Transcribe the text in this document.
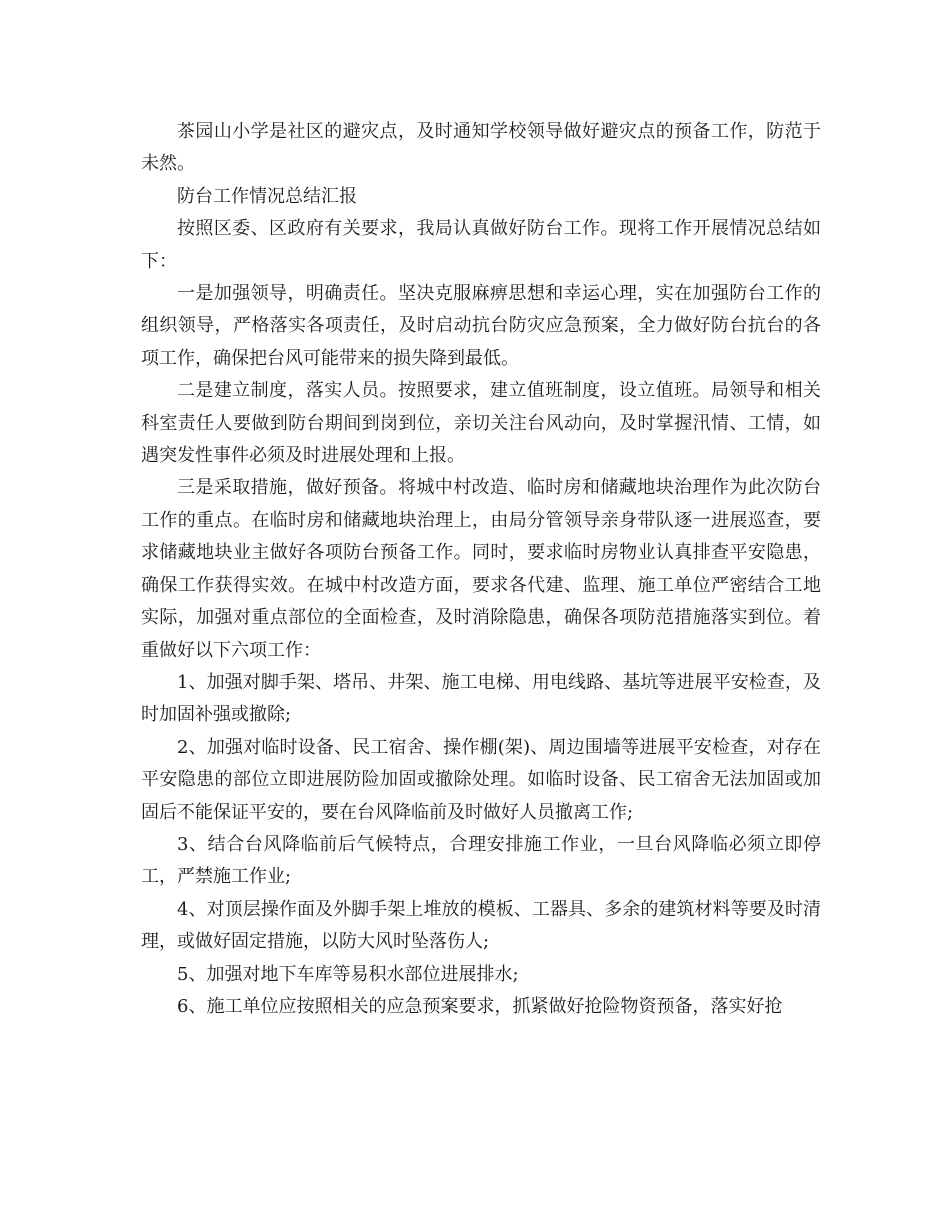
茶园山小学是社区的避灾点，及时通知学校领导做好避灾点的预备工作，防范于未然。

防台工作情况总结汇报

按照区委、区政府有关要求，我局认真做好防台工作。现将工作开展情况总结如下：

一是加强领导，明确责任。坚决克服麻痹思想和幸运心理，实在加强防台工作的组织领导，严格落实各项责任，及时启动抗台防灾应急预案，全力做好防台抗台的各项工作，确保把台风可能带来的损失降到最低。

二是建立制度，落实人员。按照要求，建立值班制度，设立值班。局领导和相关科室责任人要做到防台期间到岗到位，亲切关注台风动向，及时掌握汛情、工情，如遇突发性事件必须及时进展处理和上报。

三是采取措施，做好预备。将城中村改造、临时房和储藏地块治理作为此次防台工作的重点。在临时房和储藏地块治理上，由局分管领导亲身带队逐一进展巡查，要求储藏地块业主做好各项防台预备工作。同时，要求临时房物业认真排查平安隐患，确保工作获得实效。在城中村改造方面，要求各代建、监理、施工单位严密结合工地实际，加强对重点部位的全面检查，及时消除隐患，确保各项防范措施落实到位。着重做好以下六项工作：

1、加强对脚手架、塔吊、井架、施工电梯、用电线路、基坑等进展平安检查，及时加固补强或撤除;

2、加强对临时设备、民工宿舍、操作棚(架)、周边围墙等进展平安检查，对存在平安隐患的部位立即进展防险加固或撤除处理。如临时设备、民工宿舍无法加固或加固后不能保证平安的，要在台风降临前及时做好人员撤离工作;

3、结合台风降临前后气候特点，合理安排施工作业，一旦台风降临必须立即停工，严禁施工作业;

4、对顶层操作面及外脚手架上堆放的模板、工器具、多余的建筑材料等要及时清理，或做好固定措施，以防大风时坠落伤人;

5、加强对地下车库等易积水部位进展排水;

6、施工单位应按照相关的应急预案要求，抓紧做好抢险物资预备，落实好抢
